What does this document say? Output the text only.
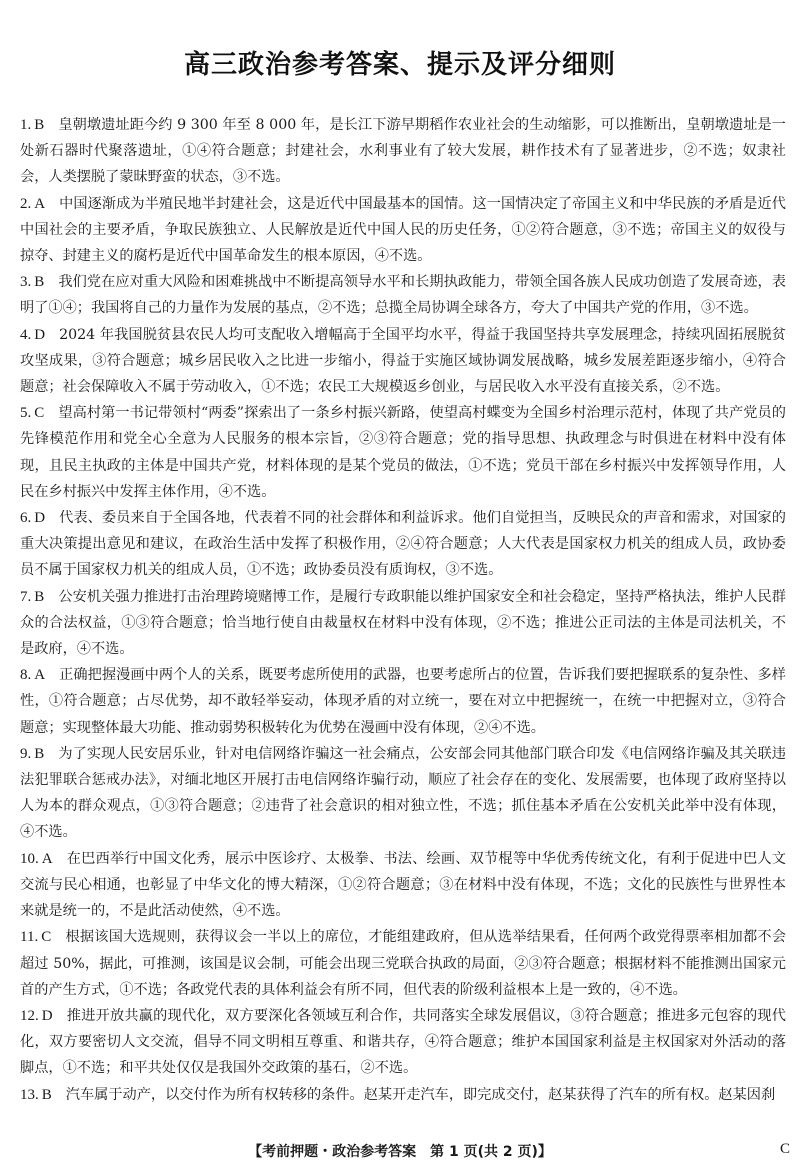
高三政治参考答案、提示及评分细则
1. B 皇朝墩遗址距今约 9 300 年至 8 000 年，是长江下游早期稻作农业社会的生动缩影，可以推断出，皇朝墩遗址是一处新石器时代聚落遗址，①④符合题意；封建社会，水利事业有了较大发展，耕作技术有了显著进步，②不选；奴隶社会，人类摆脱了蒙昧野蛮的状态，③不选。
2. A 中国逐渐成为半殖民地半封建社会，这是近代中国最基本的国情。这一国情决定了帝国主义和中华民族的矛盾是近代中国社会的主要矛盾，争取民族独立、人民解放是近代中国人民的历史任务，①②符合题意，③不选；帝国主义的奴役与掠夺、封建主义的腐朽是近代中国革命发生的根本原因，④不选。
3. B 我们党在应对重大风险和困难挑战中不断提高领导水平和长期执政能力，带领全国各族人民成功创造了发展奇迹，表明了①④；我国将自己的力量作为发展的基点，②不选；总揽全局协调全球各方，夸大了中国共产党的作用，③不选。
4. D 2024 年我国脱贫县农民人均可支配收入增幅高于全国平均水平，得益于我国坚持共享发展理念，持续巩固拓展脱贫攻坚成果，③符合题意；城乡居民收入之比进一步缩小，得益于实施区域协调发展战略，城乡发展差距逐步缩小，④符合题意；社会保障收入不属于劳动收入，①不选；农民工大规模返乡创业，与居民收入水平没有直接关系，②不选。
5. C 望高村第一书记带领村“两委”探索出了一条乡村振兴新路，使望高村蝶变为全国乡村治理示范村，体现了共产党员的先锋模范作用和党全心全意为人民服务的根本宗旨，②③符合题意；党的指导思想、执政理念与时俱进在材料中没有体现，且民主执政的主体是中国共产党，材料体现的是某个党员的做法，①不选；党员干部在乡村振兴中发挥领导作用，人民在乡村振兴中发挥主体作用，④不选。
6. D 代表、委员来自于全国各地，代表着不同的社会群体和利益诉求。他们自觉担当，反映民众的声音和需求，对国家的重大决策提出意见和建议，在政治生活中发挥了积极作用，②④符合题意；人大代表是国家权力机关的组成人员，政协委员不属于国家权力机关的组成人员，①不选；政协委员没有质询权，③不选。
7. B 公安机关强力推进打击治理跨境赌博工作，是履行专政职能以维护国家安全和社会稳定，坚持严格执法，维护人民群众的合法权益，①③符合题意；恰当地行使自由裁量权在材料中没有体现，②不选；推进公正司法的主体是司法机关，不是政府，④不选。
8. A 正确把握漫画中两个人的关系，既要考虑所使用的武器，也要考虑所占的位置，告诉我们要把握联系的复杂性、多样性，①符合题意；占尽优势，却不敢轻举妄动，体现矛盾的对立统一，要在对立中把握统一，在统一中把握对立，③符合题意；实现整体最大功能、推动弱势积极转化为优势在漫画中没有体现，②④不选。
9. B 为了实现人民安居乐业，针对电信网络诈骗这一社会痛点，公安部会同其他部门联合印发《电信网络诈骗及其关联违法犯罪联合惩戒办法》，对缅北地区开展打击电信网络诈骗行动，顺应了社会存在的变化、发展需要，也体现了政府坚持以人为本的群众观点，①③符合题意；②违背了社会意识的相对独立性，不选；抓住基本矛盾在公安机关此举中没有体现，④不选。
10. A 在巴西举行中国文化秀，展示中医诊疗、太极拳、书法、绘画、双节棍等中华优秀传统文化，有利于促进中巴人文交流与民心相通，也彰显了中华文化的博大精深，①②符合题意；③在材料中没有体现，不选；文化的民族性与世界性本来就是统一的，不是此活动使然，④不选。
11. C 根据该国大选规则，获得议会一半以上的席位，才能组建政府，但从选举结果看，任何两个政党得票率相加都不会超过 50%，据此，可推测，该国是议会制，可能会出现三党联合执政的局面，②③符合题意；根据材料不能推测出国家元首的产生方式，①不选；各政党代表的具体利益会有所不同，但代表的阶级利益根本上是一致的，④不选。
12. D 推进开放共赢的现代化，双方要深化各领域互利合作，共同落实全球发展倡议，③符合题意；推进多元包容的现代化，双方要密切人文交流，倡导不同文明相互尊重、和谐共存，④符合题意；维护本国国家利益是主权国家对外活动的落脚点，①不选；和平共处仅仅是我国外交政策的基石，②不选。
13. B 汽车属于动产，以交付作为所有权转移的条件。赵某开走汽车，即完成交付，赵某获得了汽车的所有权。赵某因刹
【考前押题・政治参考答案　第 1 页(共 2 页)】	C
